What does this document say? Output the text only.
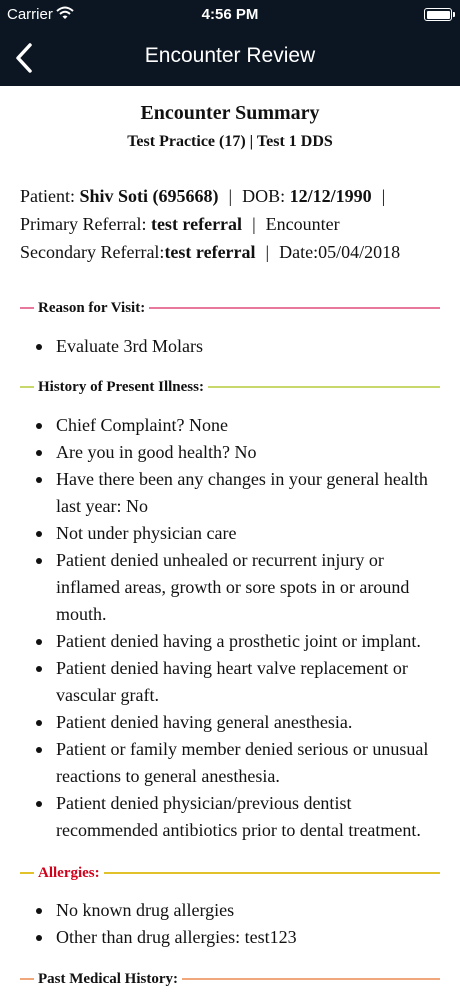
Carrier	4:56 PM
Encounter Review
Encounter Summary
Test Practice (17) | Test 1 DDS
Patient: Shiv Soti (695668) | DOB: 12/12/1990 |
Primary Referral: test referral | Encounter
Secondary Referral:test referral | Date:05/04/2018
Reason for Visit:
Evaluate 3rd Molars
History of Present Illness:
Chief Complaint? None
Are you in good health? No
Have there been any changes in your general health last year: No
Not under physician care
Patient denied unhealed or recurrent injury or inflamed areas, growth or sore spots in or around mouth.
Patient denied having a prosthetic joint or implant.
Patient denied having heart valve replacement or vascular graft.
Patient denied having general anesthesia.
Patient or family member denied serious or unusual reactions to general anesthesia.
Patient denied physician/previous dentist recommended antibiotics prior to dental treatment.
Allergies:
No known drug allergies
Other than drug allergies: test123
Past Medical History:
